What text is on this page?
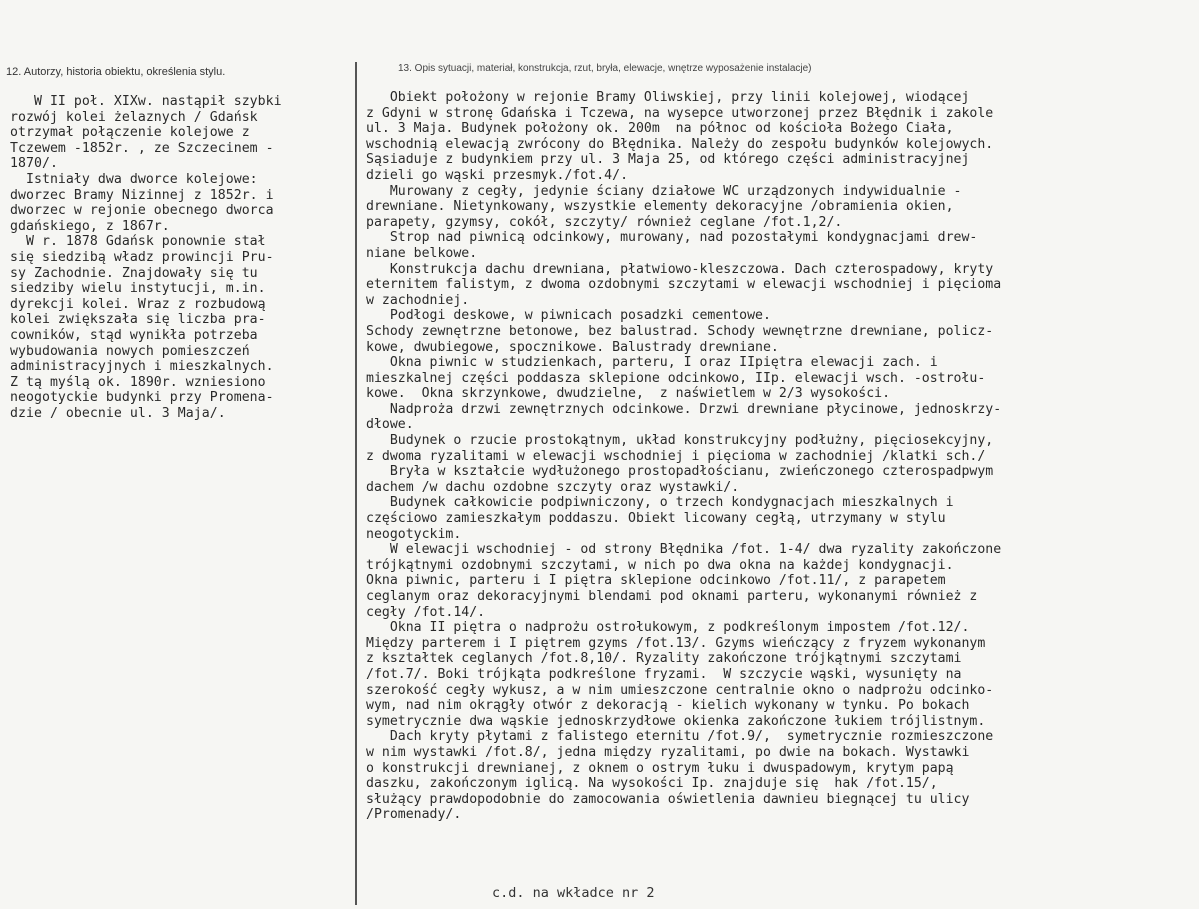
12. Autorzy, historia obiektu, określenia stylu.	13. Opis sytuacji, materiał, konstrukcja, rzut, bryła, elewacje, wnętrze wyposażenie instalacje)
W II poł. XIXw. nastąpił szybki
rozwój kolei żelaznych / Gdańsk
otrzymał połączenie kolejowe z
Tczewem -1852r. , ze Szczecinem -
1870/.
Istniały dwa dworce kolejowe:
dworzec Bramy Nizinnej z 1852r. i
dworzec w rejonie obecnego dworca
gdańskiego, z 1867r.
W r. 1878 Gdańsk ponownie stał
się siedzibą władz prowincji Pru-
sy Zachodnie. Znajdowały się tu
siedziby wielu instytucji, m.in.
dyrekcji kolei. Wraz z rozbudową
kolei zwiększała się liczba pra-
cowników, stąd wynikła potrzeba
wybudowania nowych pomieszczeń
administracyjnych i mieszkalnych.
Z tą myślą ok. 1890r. wzniesiono
neogotyckie budynki przy Promena-
dzie / obecnie ul. 3 Maja/.
Obiekt położony w rejonie Bramy Oliwskiej, przy linii kolejowej, wiodącej
z Gdyni w stronę Gdańska i Tczewa, na wysepce utworzonej przez Błędnik i zakole
ul. 3 Maja. Budynek położony ok. 200m  na północ od kościoła Bożego Ciała,
wschodnią elewacją zwrócony do Błędnika. Należy do zespołu budynków kolejowych.
Sąsiaduje z budynkiem przy ul. 3 Maja 25, od którego części administracyjnej
dzieli go wąski przesmyk./fot.4/.
Murowany z cegły, jedynie ściany działowe WC urządzonych indywidualnie -
drewniane. Nietynkowany, wszystkie elementy dekoracyjne /obramienia okien,
parapety, gzymsy, cokół, szczyty/ również ceglane /fot.1,2/.
Strop nad piwnicą odcinkowy, murowany, nad pozostałymi kondygnacjami drew-
niane belkowe.
Konstrukcja dachu drewniana, płatwiowo-kleszczowa. Dach czterospadowy, kryty
eternitem falistym, z dwoma ozdobnymi szczytami w elewacji wschodniej i pięcioma
w zachodniej.
Podłogi deskowe, w piwnicach posadzki cementowe.
Schody zewnętrzne betonowe, bez balustrad. Schody wewnętrzne drewniane, policz-
kowe, dwubiegowe, spocznikowe. Balustrady drewniane.
Okna piwnic w studzienkach, parteru, I oraz IIpiętra elewacji zach. i
mieszkalnej części poddasza sklepione odcinkowo, IIp. elewacji wsch. -ostrołu-
kowe.  Okna skrzynkowe, dwudzielne,  z naświetlem w 2/3 wysokości.
Nadproża drzwi zewnętrznych odcinkowe. Drzwi drewniane płycinowe, jednoskrzy-
dłowe.
Budynek o rzucie prostokątnym, układ konstrukcyjny podłużny, pięciosekcyjny,
z dwoma ryzalitami w elewacji wschodniej i pięcioma w zachodniej /klatki sch./
Bryła w kształcie wydłużonego prostopadłościanu, zwieńczonego czterospadpwym
dachem /w dachu ozdobne szczyty oraz wystawki/.
Budynek całkowicie podpiwniczony, o trzech kondygnacjach mieszkalnych i
częściowo zamieszkałym poddaszu. Obiekt licowany cegłą, utrzymany w stylu
neogotyckim.
W elewacji wschodniej - od strony Błędnika /fot. 1-4/ dwa ryzality zakończone
trójkątnymi ozdobnymi szczytami, w nich po dwa okna na każdej kondygnacji.
Okna piwnic, parteru i I piętra sklepione odcinkowo /fot.11/, z parapetem
ceglanym oraz dekoracyjnymi blendami pod oknami parteru, wykonanymi również z
cegły /fot.14/.
Okna II piętra o nadprożu ostrołukowym, z podkreślonym impostem /fot.12/.
Między parterem i I piętrem gzyms /fot.13/. Gzyms wieńczący z fryzem wykonanym
z kształtek ceglanych /fot.8,10/. Ryzality zakończone trójkątnymi szczytami
/fot.7/. Boki trójkąta podkreślone fryzami.  W szczycie wąski, wysunięty na
szerokość cegły wykusz, a w nim umieszczone centralnie okno o nadprożu odcinko-
wym, nad nim okrągły otwór z dekoracją - kielich wykonany w tynku. Po bokach
symetrycznie dwa wąskie jednoskrzydłowe okienka zakończone łukiem trójlistnym.
Dach kryty płytami z falistego eternitu /fot.9/,  symetrycznie rozmieszczone
w nim wystawki /fot.8/, jedna między ryzalitami, po dwie na bokach. Wystawki
o konstrukcji drewnianej, z oknem o ostrym łuku i dwuspadowym, krytym papą
daszku, zakończonym iglicą. Na wysokości Ip. znajduje się  hak /fot.15/,
służący prawdopodobnie do zamocowania oświetlenia dawnieu biegnącej tu ulicy
/Promenady/.
c.d. na wkładce nr 2
